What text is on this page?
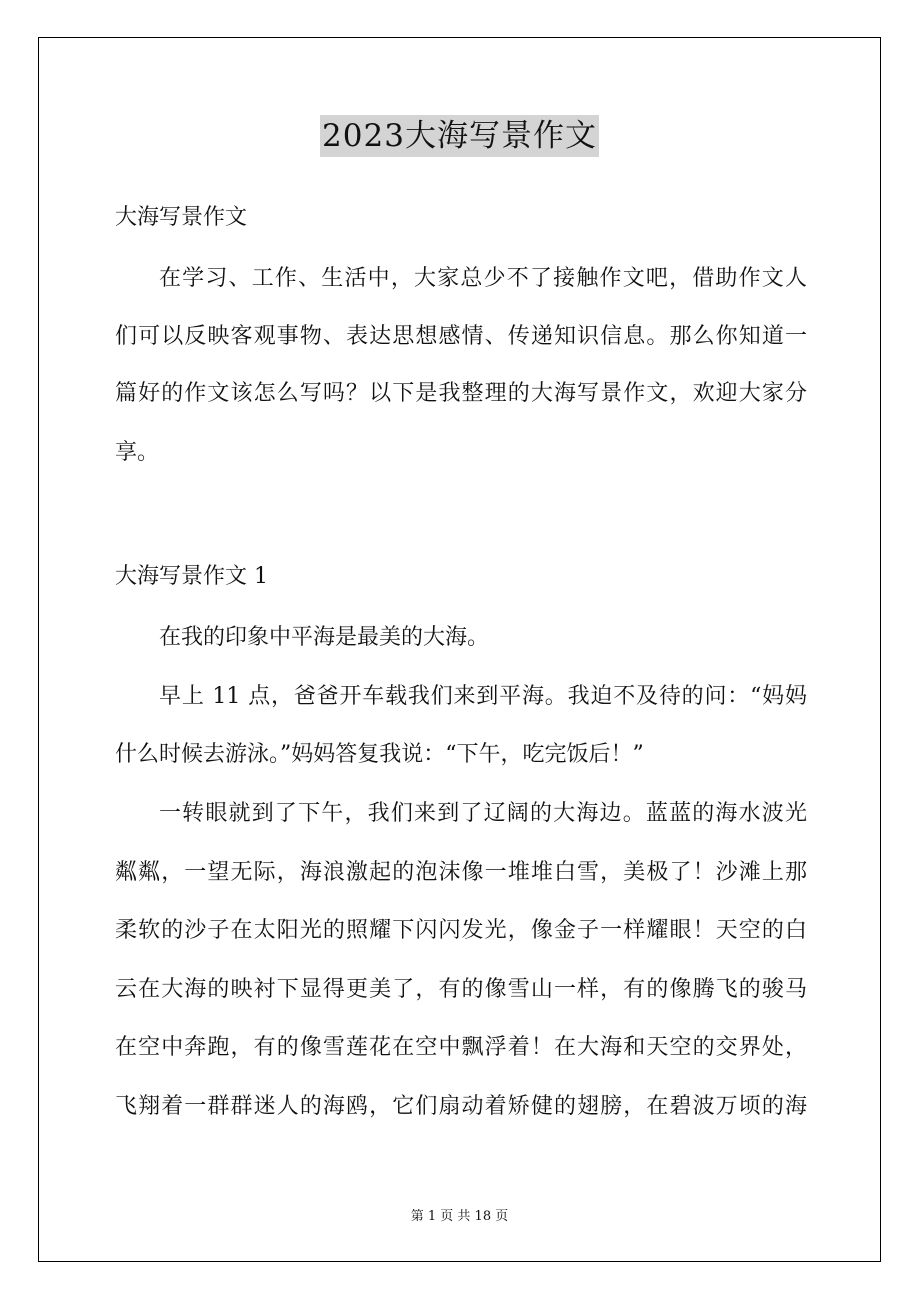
2023大海写景作文
大海写景作文
在学习、工作、生活中，大家总少不了接触作文吧，借助作文人
们可以反映客观事物、表达思想感情、传递知识信息。那么你知道一
篇好的作文该怎么写吗？以下是我整理的大海写景作文，欢迎大家分
享。
大海写景作文 1
在我的印象中平海是最美的大海。
早上 11 点，爸爸开车载我们来到平海。我迫不及待的问：“妈妈
什么时候去游泳。”妈妈答复我说：“下午，吃完饭后！”
一转眼就到了下午，我们来到了辽阔的大海边。蓝蓝的海水波光
粼粼，一望无际，海浪激起的泡沫像一堆堆白雪，美极了！沙滩上那
柔软的沙子在太阳光的照耀下闪闪发光，像金子一样耀眼！天空的白
云在大海的映衬下显得更美了，有的像雪山一样，有的像腾飞的骏马
在空中奔跑，有的像雪莲花在空中飘浮着！在大海和天空的交界处，
飞翔着一群群迷人的海鸥，它们扇动着矫健的翅膀，在碧波万顷的海
第 1 页 共 18 页
